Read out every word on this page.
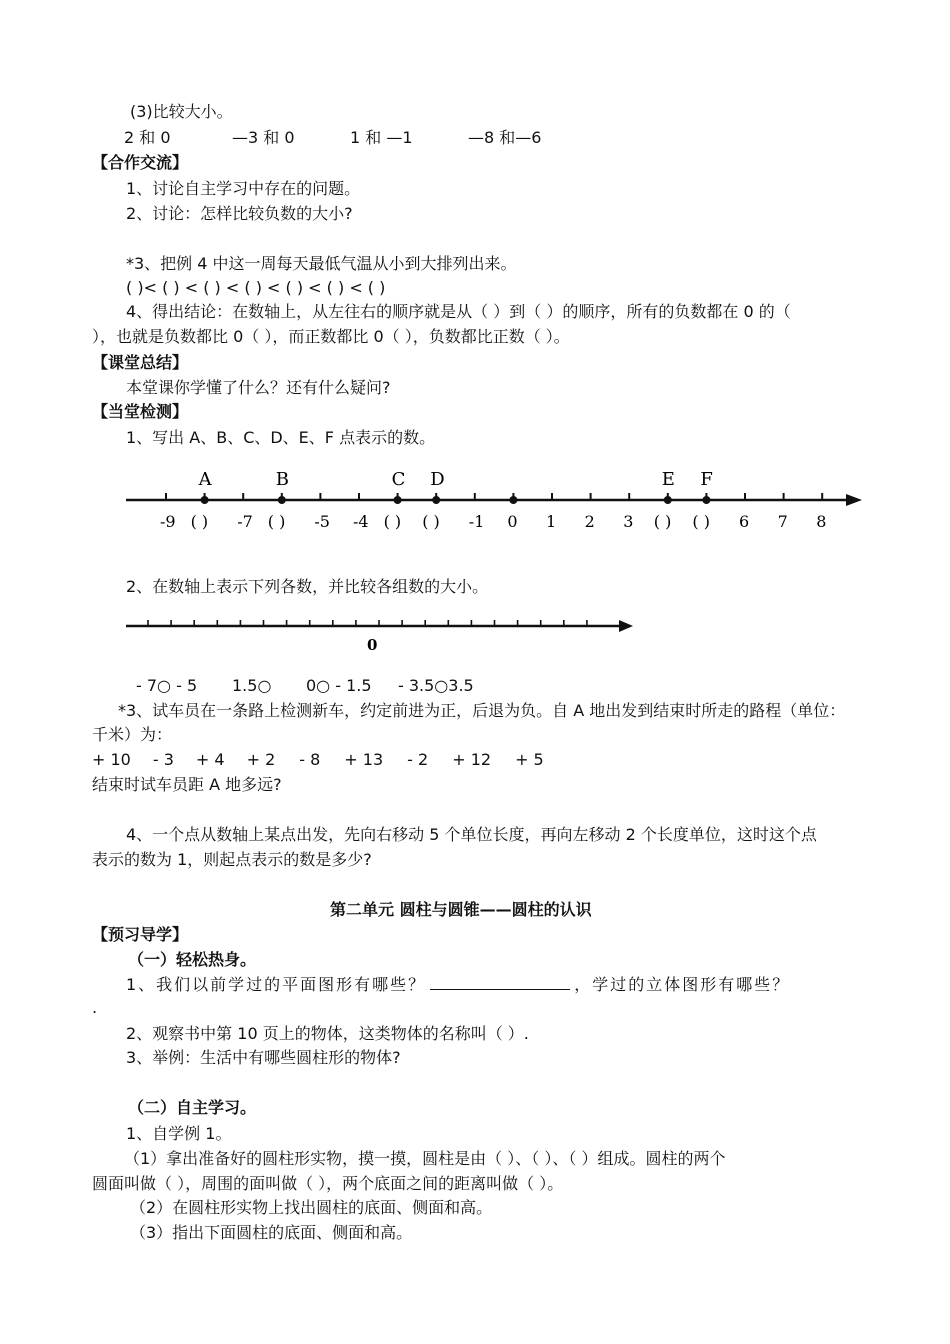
(3)比较大小。
2 和 0	—3 和 0	1 和 —1	—8 和—6
【合作交流】
1、讨论自主学习中存在的问题。
2、讨论：怎样比较负数的大小?
*3、把例 4 中这一周每天最低气温从小到大排列出来。
( )< ( ) < ( ) < ( ) < ( ) < ( ) < ( )
4、得出结论：在数轴上，从左往右的顺序就是从（ ）到（ ）的顺序，所有的负数都在 0 的（
），也就是负数都比 0（ ），而正数都比 0（ ），负数都比正数（ ）。
【课堂总结】
本堂课你学懂了什么？还有什么疑问?
【当堂检测】
1、写出 A、B、C、D、E、F 点表示的数。
A	B	C D	E F
-9 ( ) -7 ( ) -5 -4 ( ) ( ) -1 0 1 2 3 ( ) ( ) 6 7 8
2、在数轴上表示下列各数，并比较各组数的大小。
0
- 7○ - 5 1.5○ 0○ - 1.5 - 3.5○3.5
*3、试车员在一条路上检测新车，约定前进为正，后退为负。自 A 地出发到结束时所走的路程（单位：
千米）为：
+ 10 - 3 + 4 + 2 - 8 + 13 - 2 + 12 + 5
结束时试车员距 A 地多远?
4、一个点从数轴上某点出发，先向右移动 5 个单位长度，再向左移动 2 个长度单位，这时这个点
表示的数为 1，则起点表示的数是多少?
第二单元 圆柱与圆锥——圆柱的认识
【预习导学】
（一）轻松热身。
1、我们以前学过的平面图形有哪些？	，学过的立体图形有哪些？
.
2、观察书中第 10 页上的物体，这类物体的名称叫（ ）.
3、举例：生活中有哪些圆柱形的物体?
（二）自主学习。
1、自学例 1。
（1）拿出准备好的圆柱形实物，摸一摸，圆柱是由（ ）、（ ）、（ ）组成。圆柱的两个
圆面叫做（ ），周围的面叫做（ ），两个底面之间的距离叫做（ ）。
（2）在圆柱形实物上找出圆柱的底面、侧面和高。
（3）指出下面圆柱的底面、侧面和高。
